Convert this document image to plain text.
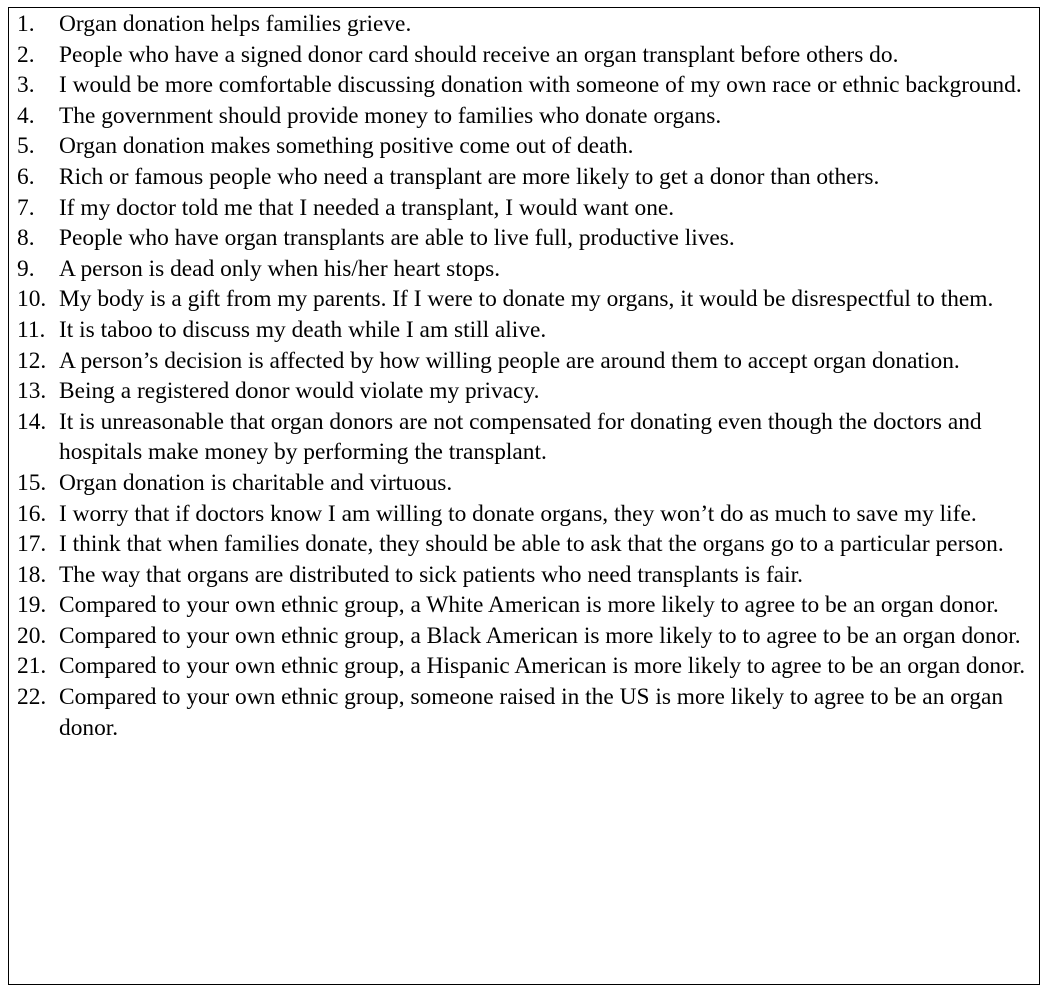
1.	Organ donation helps families grieve.
2.	People who have a signed donor card should receive an organ transplant before others do.
3.	I would be more comfortable discussing donation with someone of my own race or ethnic background.
4.	The government should provide money to families who donate organs.
5.	Organ donation makes something positive come out of death.
6.	Rich or famous people who need a transplant are more likely to get a donor than others.
7.	If my doctor told me that I needed a transplant, I would want one.
8.	People who have organ transplants are able to live full, productive lives.
9.	A person is dead only when his/her heart stops.
10. My body is a gift from my parents. If I were to donate my organs, it would be disrespectful to them.
11. It is taboo to discuss my death while I am still alive.
12. A person’s decision is affected by how willing people are around them to accept organ donation.
13. Being a registered donor would violate my privacy.
14. It is unreasonable that organ donors are not compensated for donating even though the doctors and hospitals make money by performing the transplant.
15. Organ donation is charitable and virtuous.
16. I worry that if doctors know I am willing to donate organs, they won’t do as much to save my life.
17. I think that when families donate, they should be able to ask that the organs go to a particular person.
18. The way that organs are distributed to sick patients who need transplants is fair.
19. Compared to your own ethnic group, a White American is more likely to agree to be an organ donor.
20. Compared to your own ethnic group, a Black American is more likely to to agree to be an organ donor.
21. Compared to your own ethnic group, a Hispanic American is more likely to agree to be an organ donor.
22. Compared to your own ethnic group, someone raised in the US is more likely to agree to be an organ donor.
